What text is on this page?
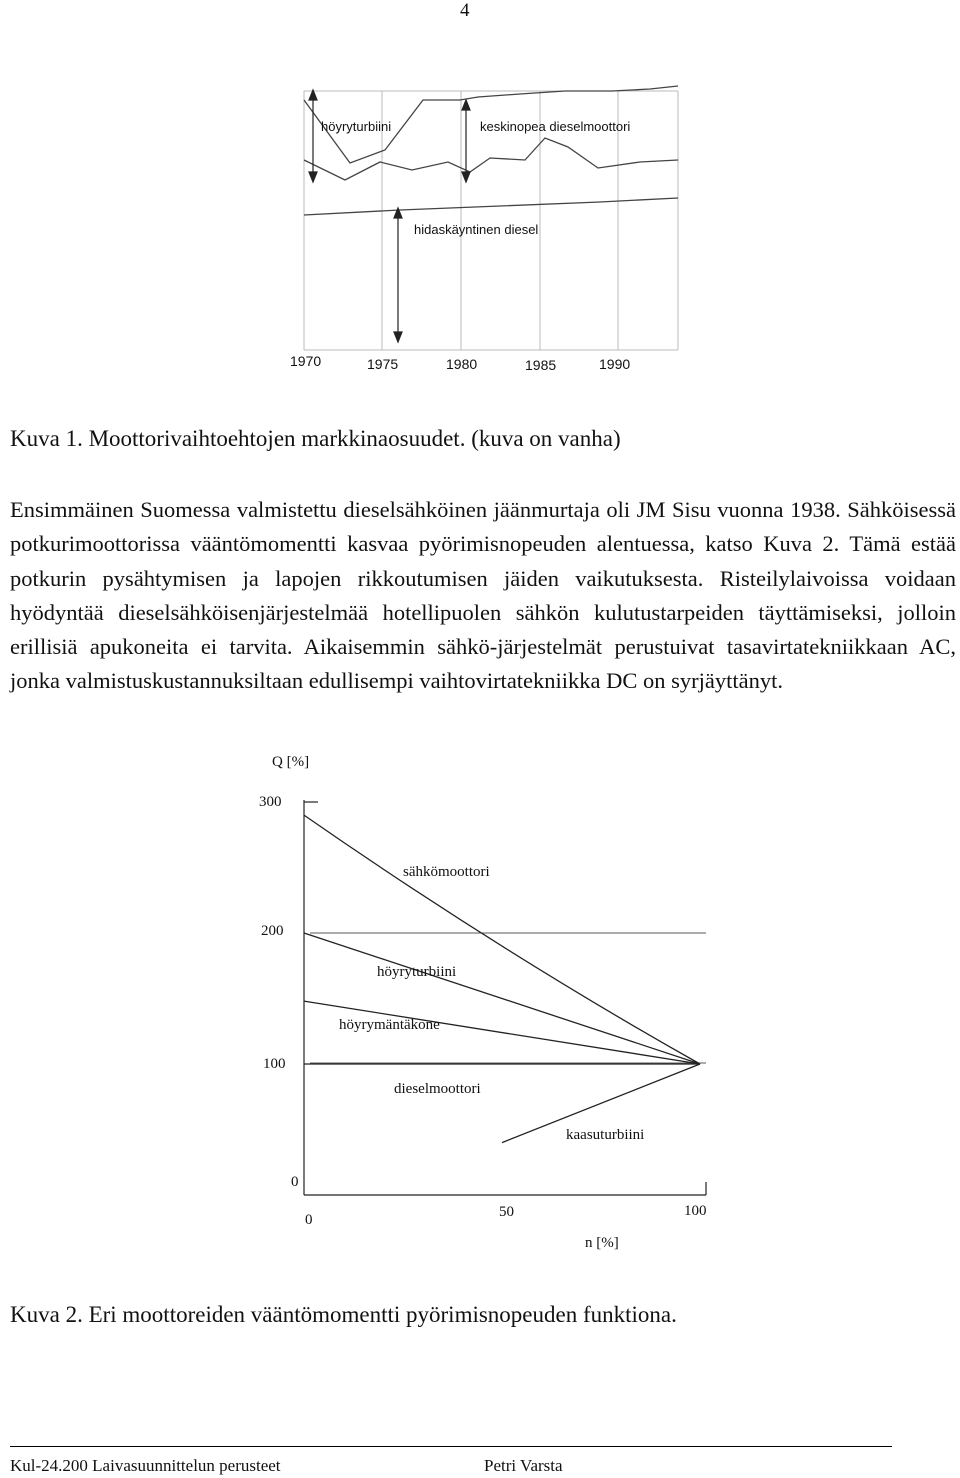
4
höyryturbiini	keskinopea dieselmoottori
hidaskäyntinen diesel
1970	1975	1980	1985	1990
Kuva 1. Moottorivaihtoehtojen markkinaosuudet. (kuva on vanha)
Ensimmäinen Suomessa valmistettu dieselsähköinen jäänmurtaja oli JM Sisu vuonna 1938. Sähköisessä potkurimoottorissa vääntömomentti kasvaa pyörimisnopeuden alentuessa, katso Kuva 2. Tämä estää potkurin pysähtymisen ja lapojen rikkoutumisen jäiden vaikutuksesta. Risteilylaivoissa voidaan hyödyntää dieselsähköisenjärjestelmää hotellipuolen sähkön kulutustarpeiden täyttämiseksi, jolloin erillisiä apukoneita ei tarvita. Aikaisemmin sähkö-järjestelmät perustuivat tasavirtatekniikkaan AC, jonka valmistuskustannuksiltaan edullisempi vaihtovirtatekniikka DC on syrjäyttänyt.
Q [%]
300
200
100
0
0	50	100
n [%]
sähkömoottori
höyryturbiini
höyrymäntäkone
dieselmoottori
kaasuturbiini
Kuva 2. Eri moottoreiden vääntömomentti pyörimisnopeuden funktiona.
Kul-24.200 Laivasuunnittelun perusteet	Petri Varsta
